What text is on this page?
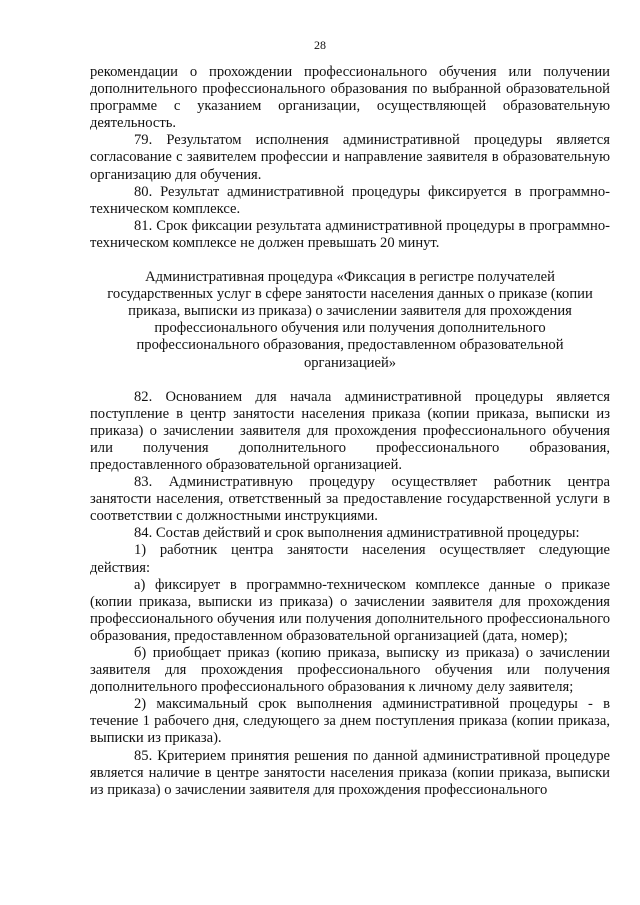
28

рекомендации о прохождении профессионального обучения или получении дополнительного профессионального образования по выбранной образовательной программе с указанием организации, осуществляющей образовательную деятельность.

79. Результатом исполнения административной процедуры является согласование с заявителем профессии и направление заявителя в образовательную организацию для обучения.

80. Результат административной процедуры фиксируется в программно-техническом комплексе.

81. Срок фиксации результата административной процедуры в программно-техническом комплексе не должен превышать 20 минут.

Административная процедура «Фиксация в регистре получателей государственных услуг в сфере занятости населения данных о приказе (копии приказа, выписки из приказа) о зачислении заявителя для прохождения профессионального обучения или получения дополнительного профессионального образования, предоставленном образовательной организацией»

82. Основанием для начала административной процедуры является поступление в центр занятости населения приказа (копии приказа, выписки из приказа) о зачислении заявителя для прохождения профессионального обучения или получения дополнительного профессионального образования, предоставленного образовательной организацией.

83. Административную процедуру осуществляет работник центра занятости населения, ответственный за предоставление государственной услуги в соответствии с должностными инструкциями.

84. Состав действий и срок выполнения административной процедуры:

1) работник центра занятости населения осуществляет следующие действия:

а) фиксирует в программно-техническом комплексе данные о приказе (копии приказа, выписки из приказа) о зачислении заявителя для прохождения профессионального обучения или получения дополнительного профессионального образования, предоставленном образовательной организацией (дата, номер);

б) приобщает приказ (копию приказа, выписку из приказа) о зачислении заявителя для прохождения профессионального обучения или получения дополнительного профессионального образования к личному делу заявителя;

2) максимальный срок выполнения административной процедуры - в течение 1 рабочего дня, следующего за днем поступления приказа (копии приказа, выписки из приказа).

85. Критерием принятия решения по данной административной процедуре является наличие в центре занятости населения приказа (копии приказа, выписки из приказа) о зачислении заявителя для прохождения профессионального
